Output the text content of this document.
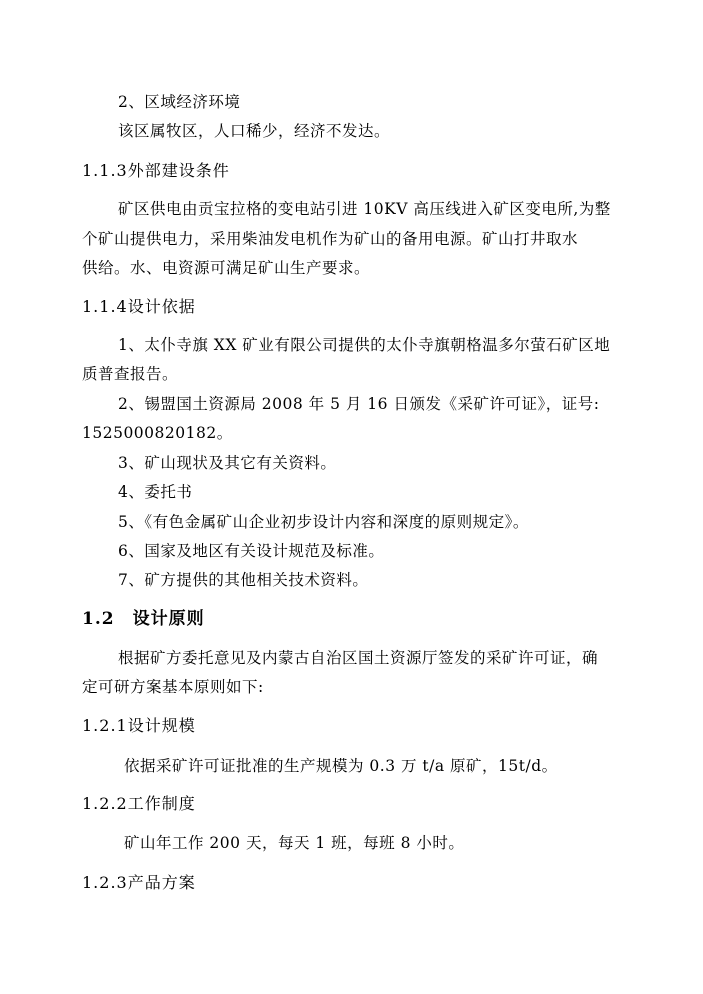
2、区域经济环境
该区属牧区，人口稀少，经济不发达。
1.1.3外部建设条件
矿区供电由贡宝拉格的变电站引进 10KV 高压线进入矿区变电所,为整
个矿山提供电力，采用柴油发电机作为矿山的备用电源。矿山打井取水
供给。水、电资源可满足矿山生产要求。
1.1.4设计依据
1、太仆寺旗 XX 矿业有限公司提供的太仆寺旗朝格温多尔萤石矿区地
质普查报告。
2、锡盟国土资源局 2008 年 5 月 16 日颁发《采矿许可证》，证号:
1525000820182。
3、矿山现状及其它有关资料。
4、委托书
5、《有色金属矿山企业初步设计内容和深度的原则规定》。
6、国家及地区有关设计规范及标准。
7、矿方提供的其他相关技术资料。
1.2 设计原则
根据矿方委托意见及内蒙古自治区国土资源厅签发的采矿许可证，确
定可研方案基本原则如下:
1.2.1设计规模
依据采矿许可证批准的生产规模为 0.3 万 t/a 原矿，15t/d。
1.2.2工作制度
矿山年工作 200 天，每天 1 班，每班 8 小时。
1.2.3产品方案
